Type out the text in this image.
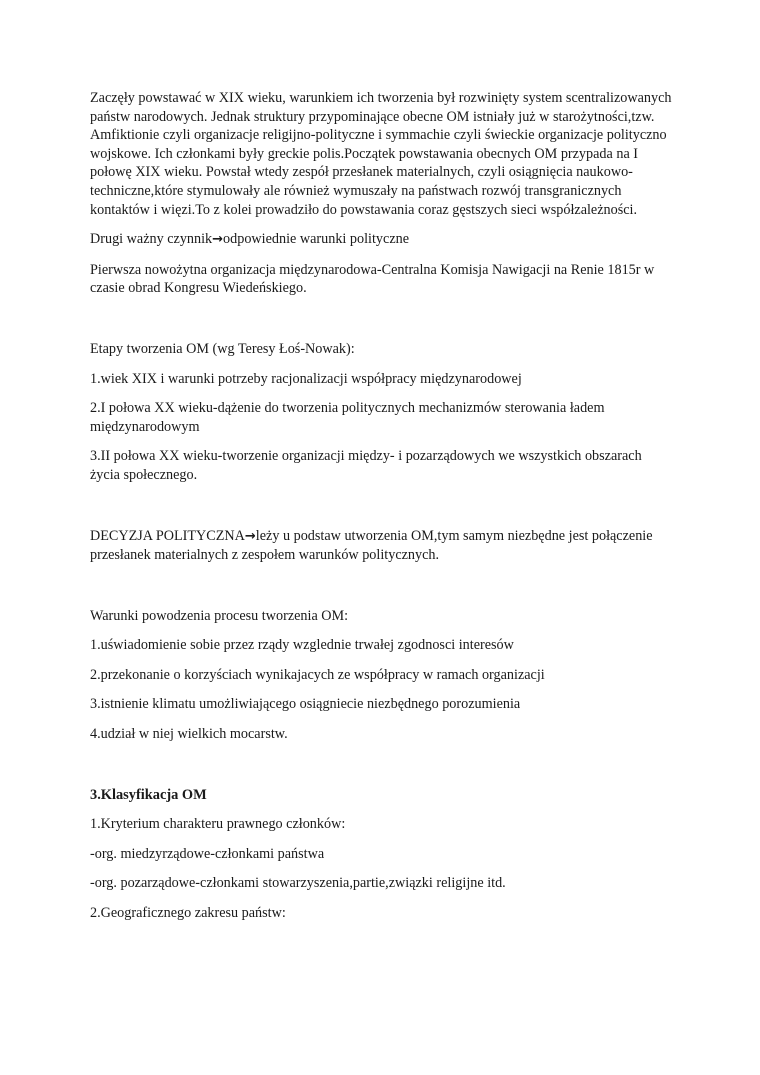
Zaczęły powstawać w XIX wieku, warunkiem ich tworzenia był rozwinięty system scentralizowanych państw narodowych. Jednak struktury przypominające obecne OM istniały już w starożytności,tzw. Amfiktionie czyli organizacje religijno-polityczne i symmachie czyli świeckie organizacje polityczno wojskowe. Ich członkami były greckie polis.Początek powstawania obecnych OM przypada na I połowę XIX wieku. Powstał wtedy zespół przesłanek materialnych, czyli osiągnięcia naukowo-techniczne,które stymulowały ale również wymuszały na państwach rozwój transgranicznych kontaktów i więzi.To z kolei prowadziło do powstawania coraz gęstszych sieci współzależności.

Drugi ważny czynnik→odpowiednie warunki polityczne

Pierwsza nowożytna organizacja międzynarodowa-Centralna Komisja Nawigacji na Renie 1815r w czasie obrad Kongresu Wiedeńskiego.

Etapy tworzenia OM (wg Teresy Łoś-Nowak):

1.wiek XIX i warunki potrzeby racjonalizacji współpracy międzynarodowej

2.I połowa XX wieku-dążenie do tworzenia politycznych mechanizmów sterowania ładem międzynarodowym

3.II połowa XX wieku-tworzenie organizacji między- i pozarządowych we wszystkich obszarach życia społecznego.

DECYZJA POLITYCZNA→leży u podstaw utworzenia OM,tym samym niezbędne jest połączenie przesłanek materialnych z zespołem warunków politycznych.

Warunki powodzenia procesu tworzenia OM:

1.uświadomienie sobie przez rządy wzglednie trwałej zgodnosci interesów

2.przekonanie o korzyściach wynikajacych ze współpracy w ramach organizacji

3.istnienie klimatu umożliwiającego osiągniecie niezbędnego porozumienia

4.udział w niej wielkich mocarstw.

3.Klasyfikacja OM

1.Kryterium charakteru prawnego członków:

-org. miedzyrządowe-członkami państwa

-org. pozarządowe-członkami stowarzyszenia,partie,związki religijne itd.

2.Geograficznego zakresu państw:
